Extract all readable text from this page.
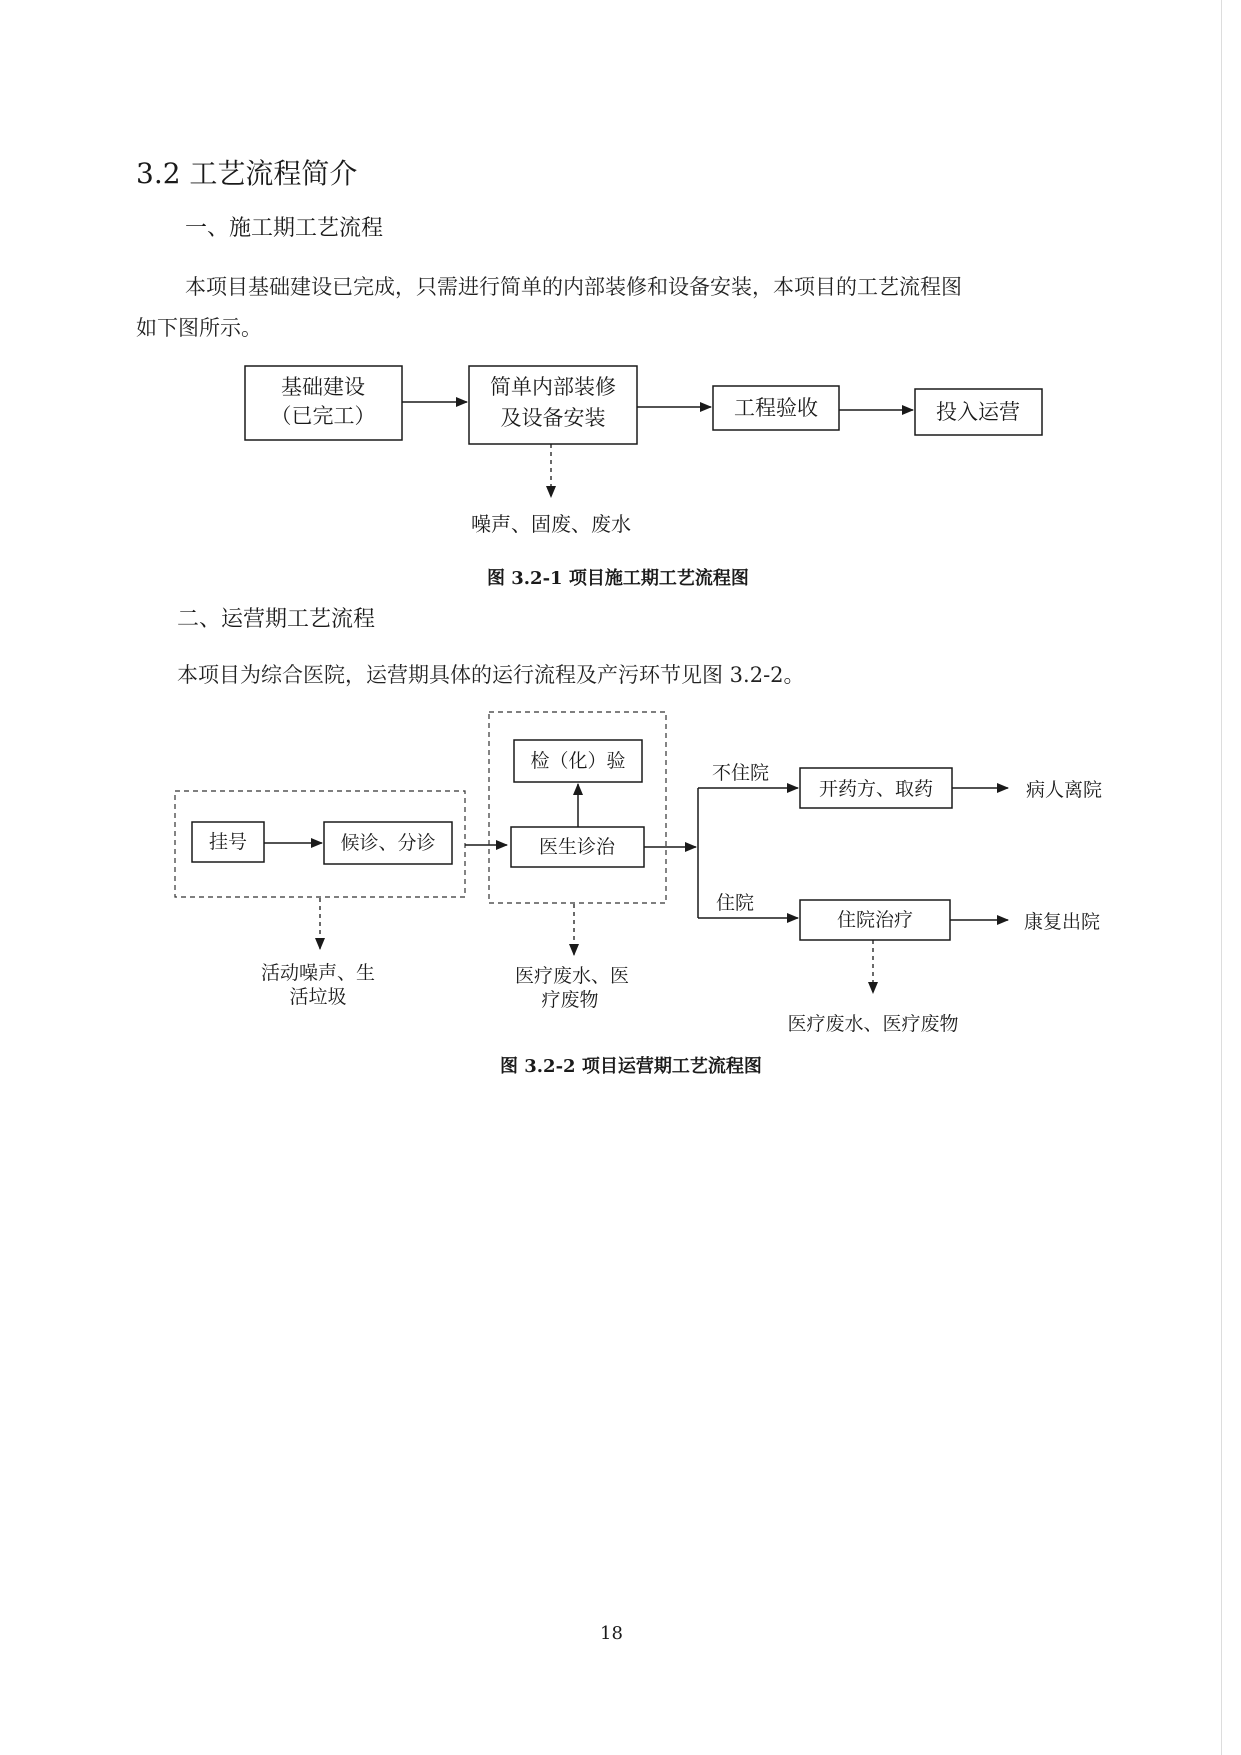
3.2 工艺流程简介
一、施工期工艺流程
本项目基础建设已完成，只需进行简单的内部装修和设备安装，本项目的工艺流程图
如下图所示。
基础建设
（已完工）
简单内部装修
及设备安装	工程验收	投入运营
噪声、固废、废水
图 3.2-1 项目施工期工艺流程图
二、运营期工艺流程
本项目为综合医院，运营期具体的运行流程及产污环节见图 3.2-2。
挂号	候诊、分诊
检（化）验
医生诊治
不住院
住院
开药方、取药	病人离院
住院治疗	康复出院
活动噪声、生
活垃圾
医疗废水、医
疗废物
医疗废水、医疗废物
图 3.2-2 项目运营期工艺流程图
18
